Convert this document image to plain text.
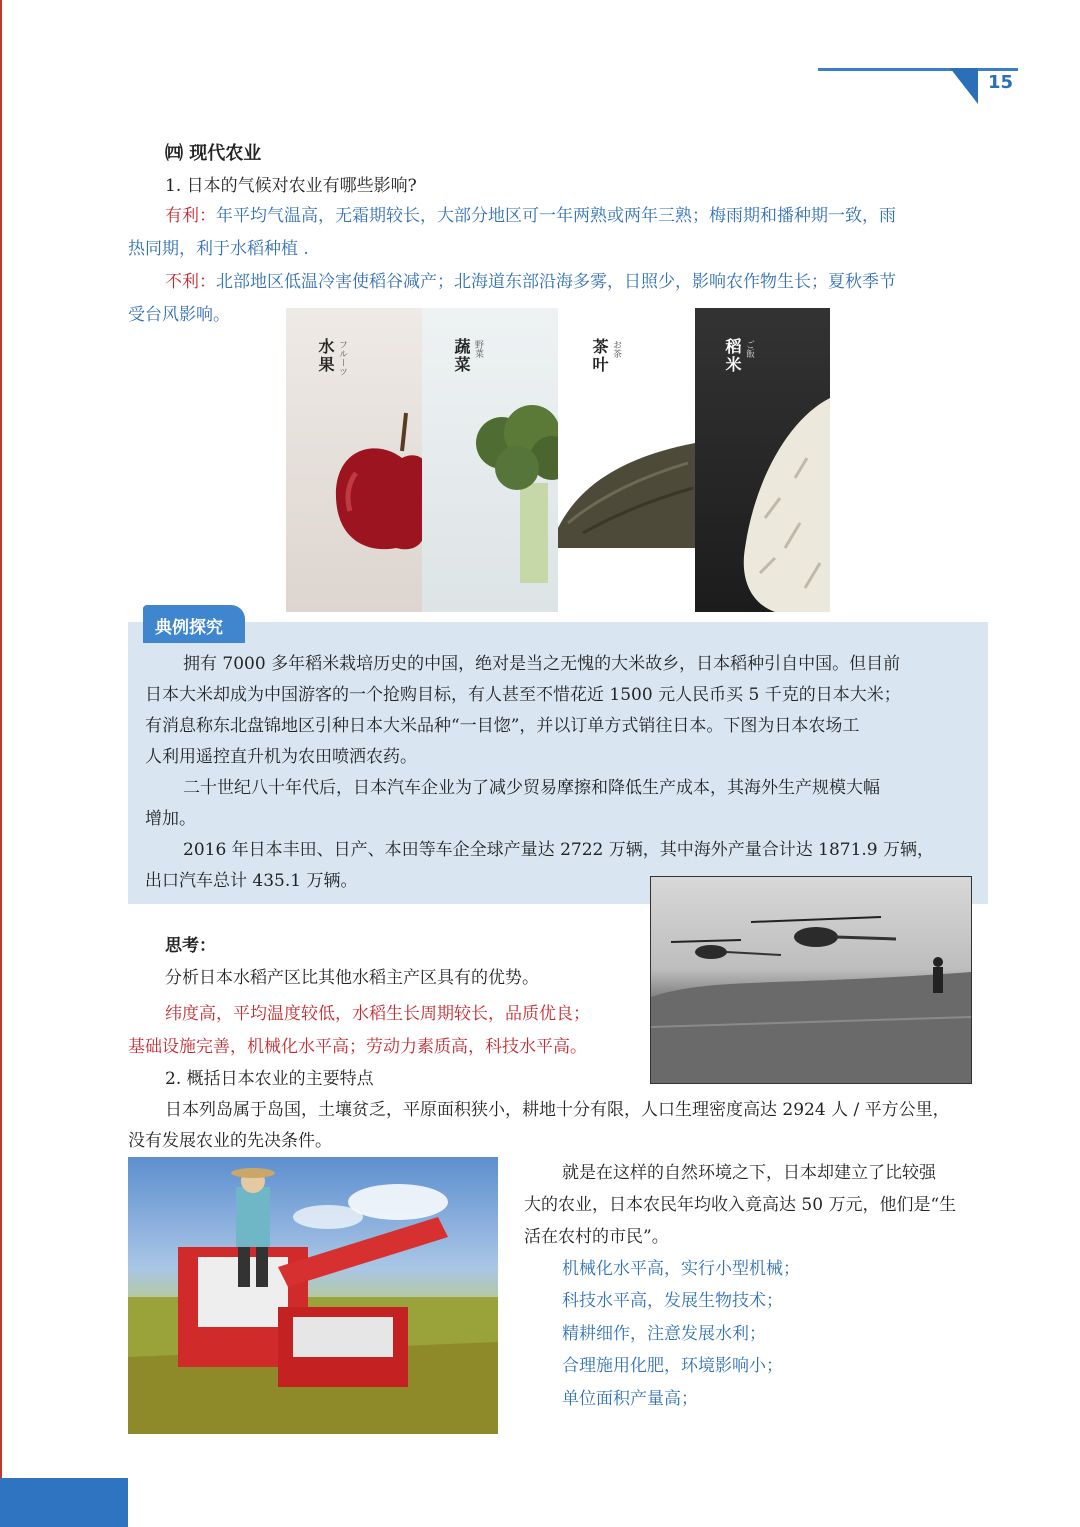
15
㈣ 现代农业
1. 日本的气候对农业有哪些影响?
有利：年平均气温高，无霜期较长，大部分地区可一年两熟或两年三熟；梅雨期和播种期一致，雨
热同期，利于水稻种植 .
不利：北部地区低温冷害使稻谷减产；北海道东部沿海多雾，日照少，影响农作物生长；夏秋季节
受台风影响。
水果 フルーツ	蔬菜 野菜	茶叶 お茶	稻米 ご飯
典例探究
拥有 7000 多年稻米栽培历史的中国，绝对是当之无愧的大米故乡，日本稻种引自中国。但目前
日本大米却成为中国游客的一个抢购目标，有人甚至不惜花近 1500 元人民币买 5 千克的日本大米；
有消息称东北盘锦地区引种日本大米品种“一目惚”，并以订单方式销往日本。下图为日本农场工
人利用遥控直升机为农田喷洒农药。
二十世纪八十年代后，日本汽车企业为了减少贸易摩擦和降低生产成本，其海外生产规模大幅
增加。
2016 年日本丰田、日产、本田等车企全球产量达 2722 万辆，其中海外产量合计达 1871.9 万辆，
出口汽车总计 435.1 万辆。
思考：
分析日本水稻产区比其他水稻主产区具有的优势。
纬度高，平均温度较低，水稻生长周期较长，品质优良；
基础设施完善，机械化水平高；劳动力素质高，科技水平高。
2. 概括日本农业的主要特点
日本列岛属于岛国，土壤贫乏，平原面积狭小，耕地十分有限，人口生理密度高达 2924 人 / 平方公里，
没有发展农业的先决条件。
就是在这样的自然环境之下，日本却建立了比较强
大的农业，日本农民年均收入竟高达 50 万元，他们是“生
活在农村的市民”。
机械化水平高，实行小型机械；
科技水平高，发展生物技术；
精耕细作，注意发展水利；
合理施用化肥，环境影响小；
单位面积产量高；
